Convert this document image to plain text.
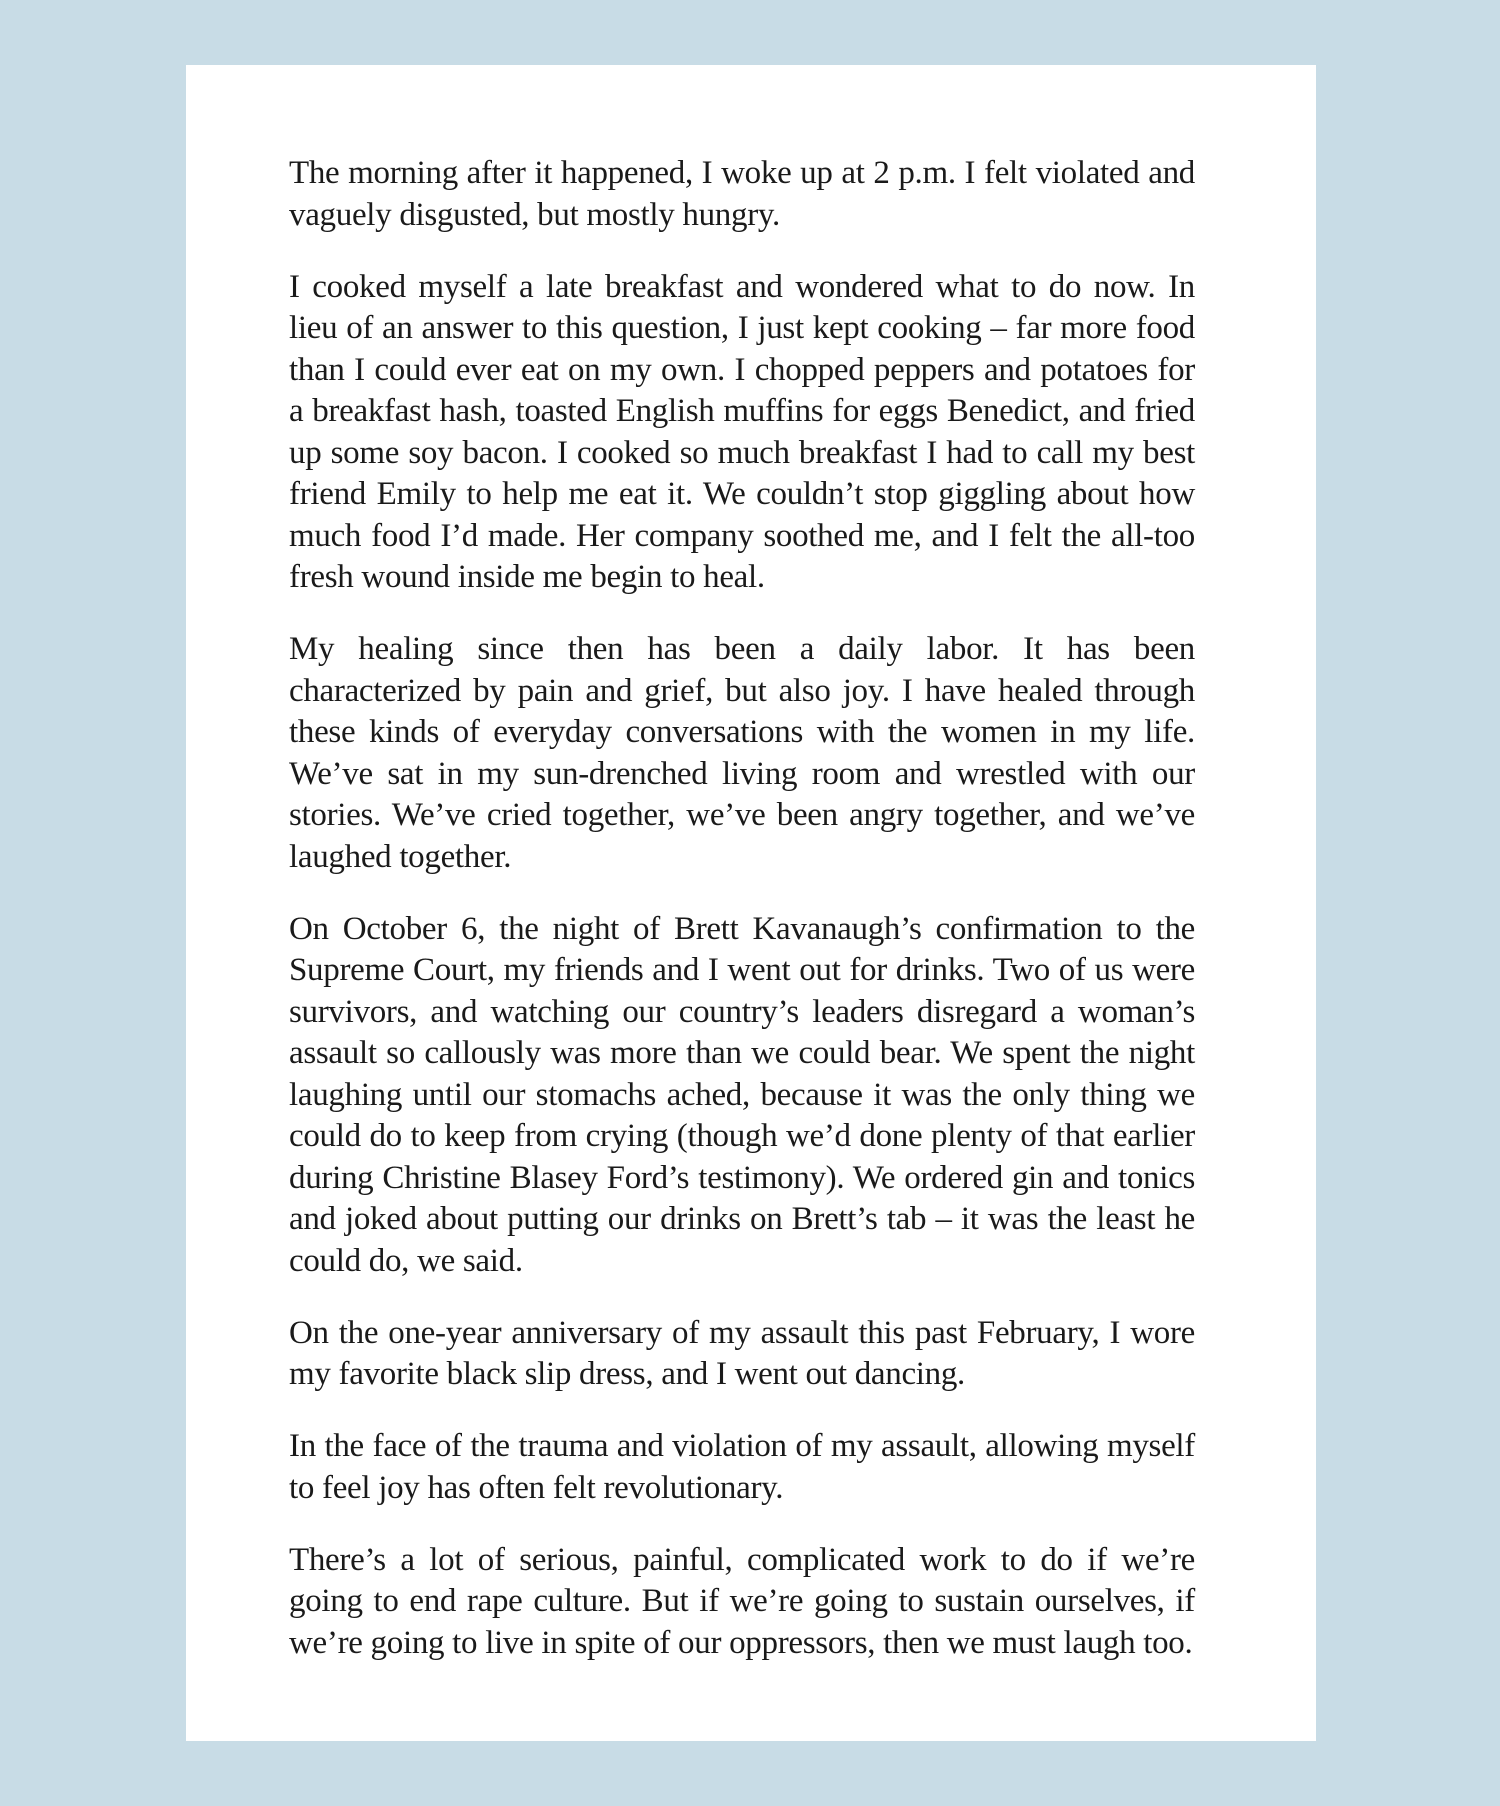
The morning after it happened, I woke up at 2 p.m. I felt violated and vaguely disgusted, but mostly hungry.

I cooked myself a late breakfast and wondered what to do now. In lieu of an answer to this question, I just kept cooking – far more food than I could ever eat on my own. I chopped peppers and potatoes for a breakfast hash, toasted English muffins for eggs Benedict, and fried up some soy bacon. I cooked so much breakfast I had to call my best friend Emily to help me eat it. We couldn’t stop giggling about how much food I’d made. Her company soothed me, and I felt the all-too fresh wound inside me begin to heal.

My healing since then has been a daily labor. It has been characterized by pain and grief, but also joy. I have healed through these kinds of everyday conversations with the women in my life. We’ve sat in my sun-drenched living room and wrestled with our stories. We’ve cried together, we’ve been angry together, and we’ve laughed together.

On October 6, the night of Brett Kavanaugh’s confirmation to the Supreme Court, my friends and I went out for drinks. Two of us were survivors, and watching our country’s leaders disregard a woman’s assault so callously was more than we could bear. We spent the night laughing until our stomachs ached, because it was the only thing we could do to keep from crying (though we’d done plenty of that earlier during Christine Blasey Ford’s testimony). We ordered gin and tonics and joked about putting our drinks on Brett’s tab – it was the least he could do, we said.

On the one-year anniversary of my assault this past February, I wore my favorite black slip dress, and I went out dancing.

In the face of the trauma and violation of my assault, allowing myself to feel joy has often felt revolutionary.

There’s a lot of serious, painful, complicated work to do if we’re going to end rape culture. But if we’re going to sustain ourselves, if we’re going to live in spite of our oppressors, then we must laugh too.
